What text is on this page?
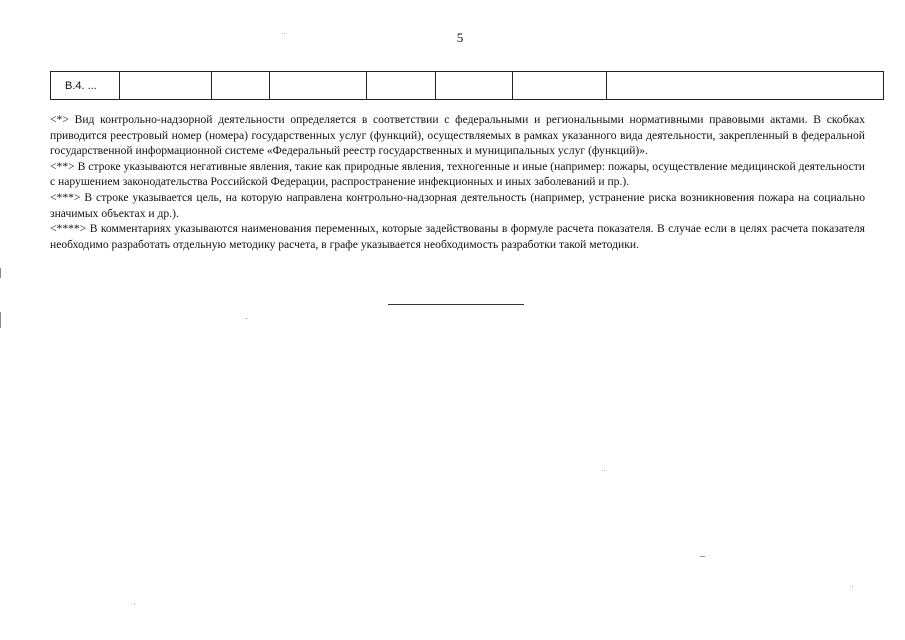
5
В.4. ...							

<*> Вид контрольно-надзорной деятельности определяется в соответствии с федеральными и региональными нормативными правовыми актами. В скобках приводится реестровый номер (номера) государственных услуг (функций), осуществляемых в рамках указанного вида деятельности, закрепленный в федеральной государственной информационной системе «Федеральный реестр государственных и муниципальных услуг (функций)».

<**> В строке указываются негативные явления, такие как природные явления, техногенные и иные (например: пожары, осуществление медицинской деятельности с нарушением законодательства Российской Федерации, распространение инфекционных и иных заболеваний и пр.).

<***> В строке указывается цель, на которую направлена контрольно-надзорная деятельность (например, устранение риска возникновения пожара на социально значимых объектах и др.).

<****> В комментариях указываются наименования переменных, которые задействованы в формуле расчета показателя. В случае если в целях расчета показателя необходимо разработать отдельную методику расчета, в графе указывается необходимость разработки такой методики.
